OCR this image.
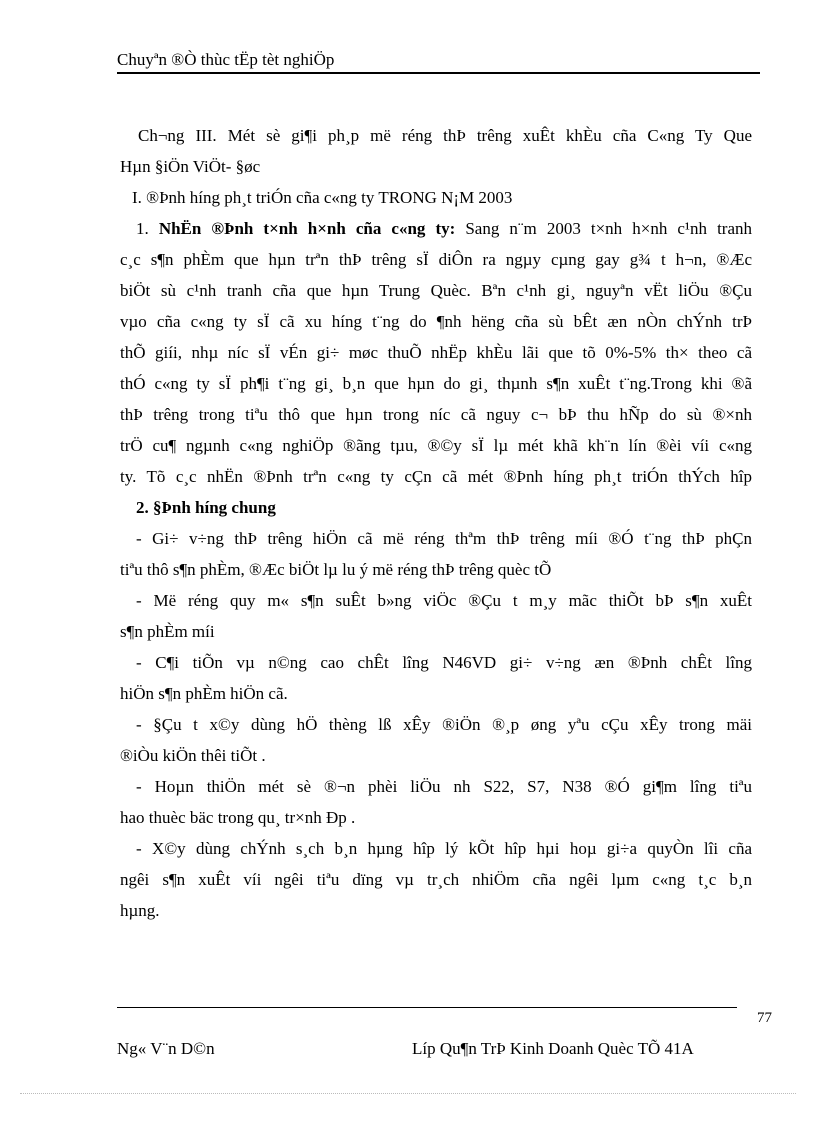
Chuyªn ®Ò thùc tËp tèt nghiÖp
Ch¬ng III. Mét sè gi¶i ph¸p më réng thÞ trêng xuÊt khÈu cña C«ng Ty Que
Hµn §iÖn ViÖt- §øc
I. ®Þnh híng ph¸t triÓn cña c«ng ty TRONG N¡M 2003
1. NhËn ®Þnh t×nh h×nh cña c«ng ty: Sang n¨m 2003 t×nh h×nh c¹nh tranh
c¸c s¶n phÈm que hµn trªn thÞ trêng sÏ diÔn ra ngµy cµng gay g¾ t h¬n, ®Æc
biÖt sù c¹nh tranh cña que hµn Trung Quèc. Bªn c¹nh gi¸ nguyªn vËt liÖu ®Çu
vµo cña c«ng ty sÏ cã xu híng t¨ng do ¶nh hëng cña sù bÊt æn nÒn chÝnh trÞ
thÕ giíi, nhµ níc sÏ vÉn gi÷ møc thuÕ nhËp khÈu lãi que tõ 0%-5% th× theo cã
thÓ c«ng ty sÏ ph¶i t¨ng gi¸ b¸n que hµn do gi¸ thµnh s¶n xuÊt t¨ng.Trong khi ®ã
thÞ trêng trong tiªu thô que hµn trong níc cã nguy c¬ bÞ thu hÑp do sù ®×nh
trÖ cu¶ ngµnh c«ng nghiÖp ®ãng tµu, ®©y sÏ lµ mét khã kh¨n lín ®èi víi c«ng
ty. Tõ c¸c nhËn ®Þnh trªn c«ng ty cÇn cã mét ®Þnh híng ph¸t triÓn thÝch hîp
2. §Þnh híng chung
- Gi÷ v÷ng thÞ trêng hiÖn cã më réng thªm thÞ trêng míi ®Ó t¨ng thÞ phÇn
tiªu thô s¶n phÈm, ®Æc biÖt lµ lu ý më réng thÞ trêng quèc tÕ
- Më réng quy m« s¶n suÊt b»ng viÖc ®Çu t m¸y mãc thiÕt bÞ s¶n xuÊt
s¶n phÈm míi
- C¶i tiÕn vµ n©ng cao chÊt lîng N46VD gi÷ v÷ng æn ®Þnh chÊt lîng
hiÖn s¶n phÈm hiÖn cã.
- §Çu t x©y dùng hÖ thèng lß xÊy ®iÖn ®¸p øng yªu cÇu xÊy trong mäi
®iÒu kiÖn thêi tiÕt .
- Hoµn thiÖn mét sè ®¬n phèi liÖu nh S22, S7, N38 ®Ó gi¶m lîng tiªu
hao thuèc bäc trong qu¸ tr×nh Ðp .
- X©y dùng chÝnh s¸ch b¸n hµng hîp lý kÕt hîp hµi hoµ gi÷a quyÒn lîi cña
ngêi s¶n xuÊt víi ngêi tiªu dïng vµ tr¸ch nhiÖm cña ngêi lµm c«ng t¸c b¸n
hµng.
77
Ng« V¨n D©n	Líp Qu¶n TrÞ Kinh Doanh Quèc TÕ 41A
